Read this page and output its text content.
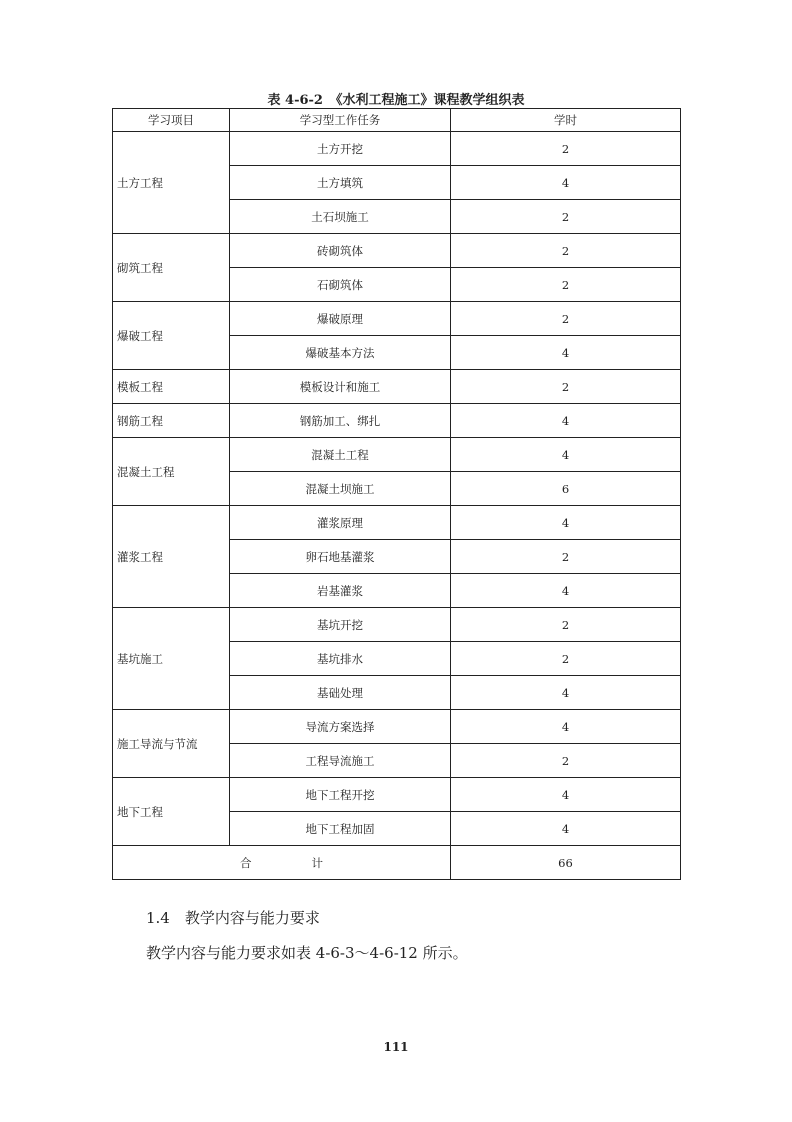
表 4-6-2　《水利工程施工》课程教学组织表
学习项目	学习型工作任务	学时
土方工程	土方开挖	2
	土方填筑	4
	土石坝施工	2
砌筑工程	砖砌筑体	2
	石砌筑体	2
爆破工程	爆破原理	2
	爆破基本方法	4
模板工程	模板设计和施工	2
钢筋工程	钢筋加工、绑扎	4
混凝土工程	混凝土工程	4
	混凝土坝施工	6
灌浆工程	灌浆原理	4
	卵石地基灌浆	2
	岩基灌浆	4
基坑施工	基坑开挖	2
	基坑排水	2
	基础处理	4
施工导流与节流	导流方案选择	4
	工程导流施工	2
地下工程	地下工程开挖	4
	地下工程加固	4
合 计		66
1.4　教学内容与能力要求
教学内容与能力要求如表 4-6-3～4-6-12 所示。
111
